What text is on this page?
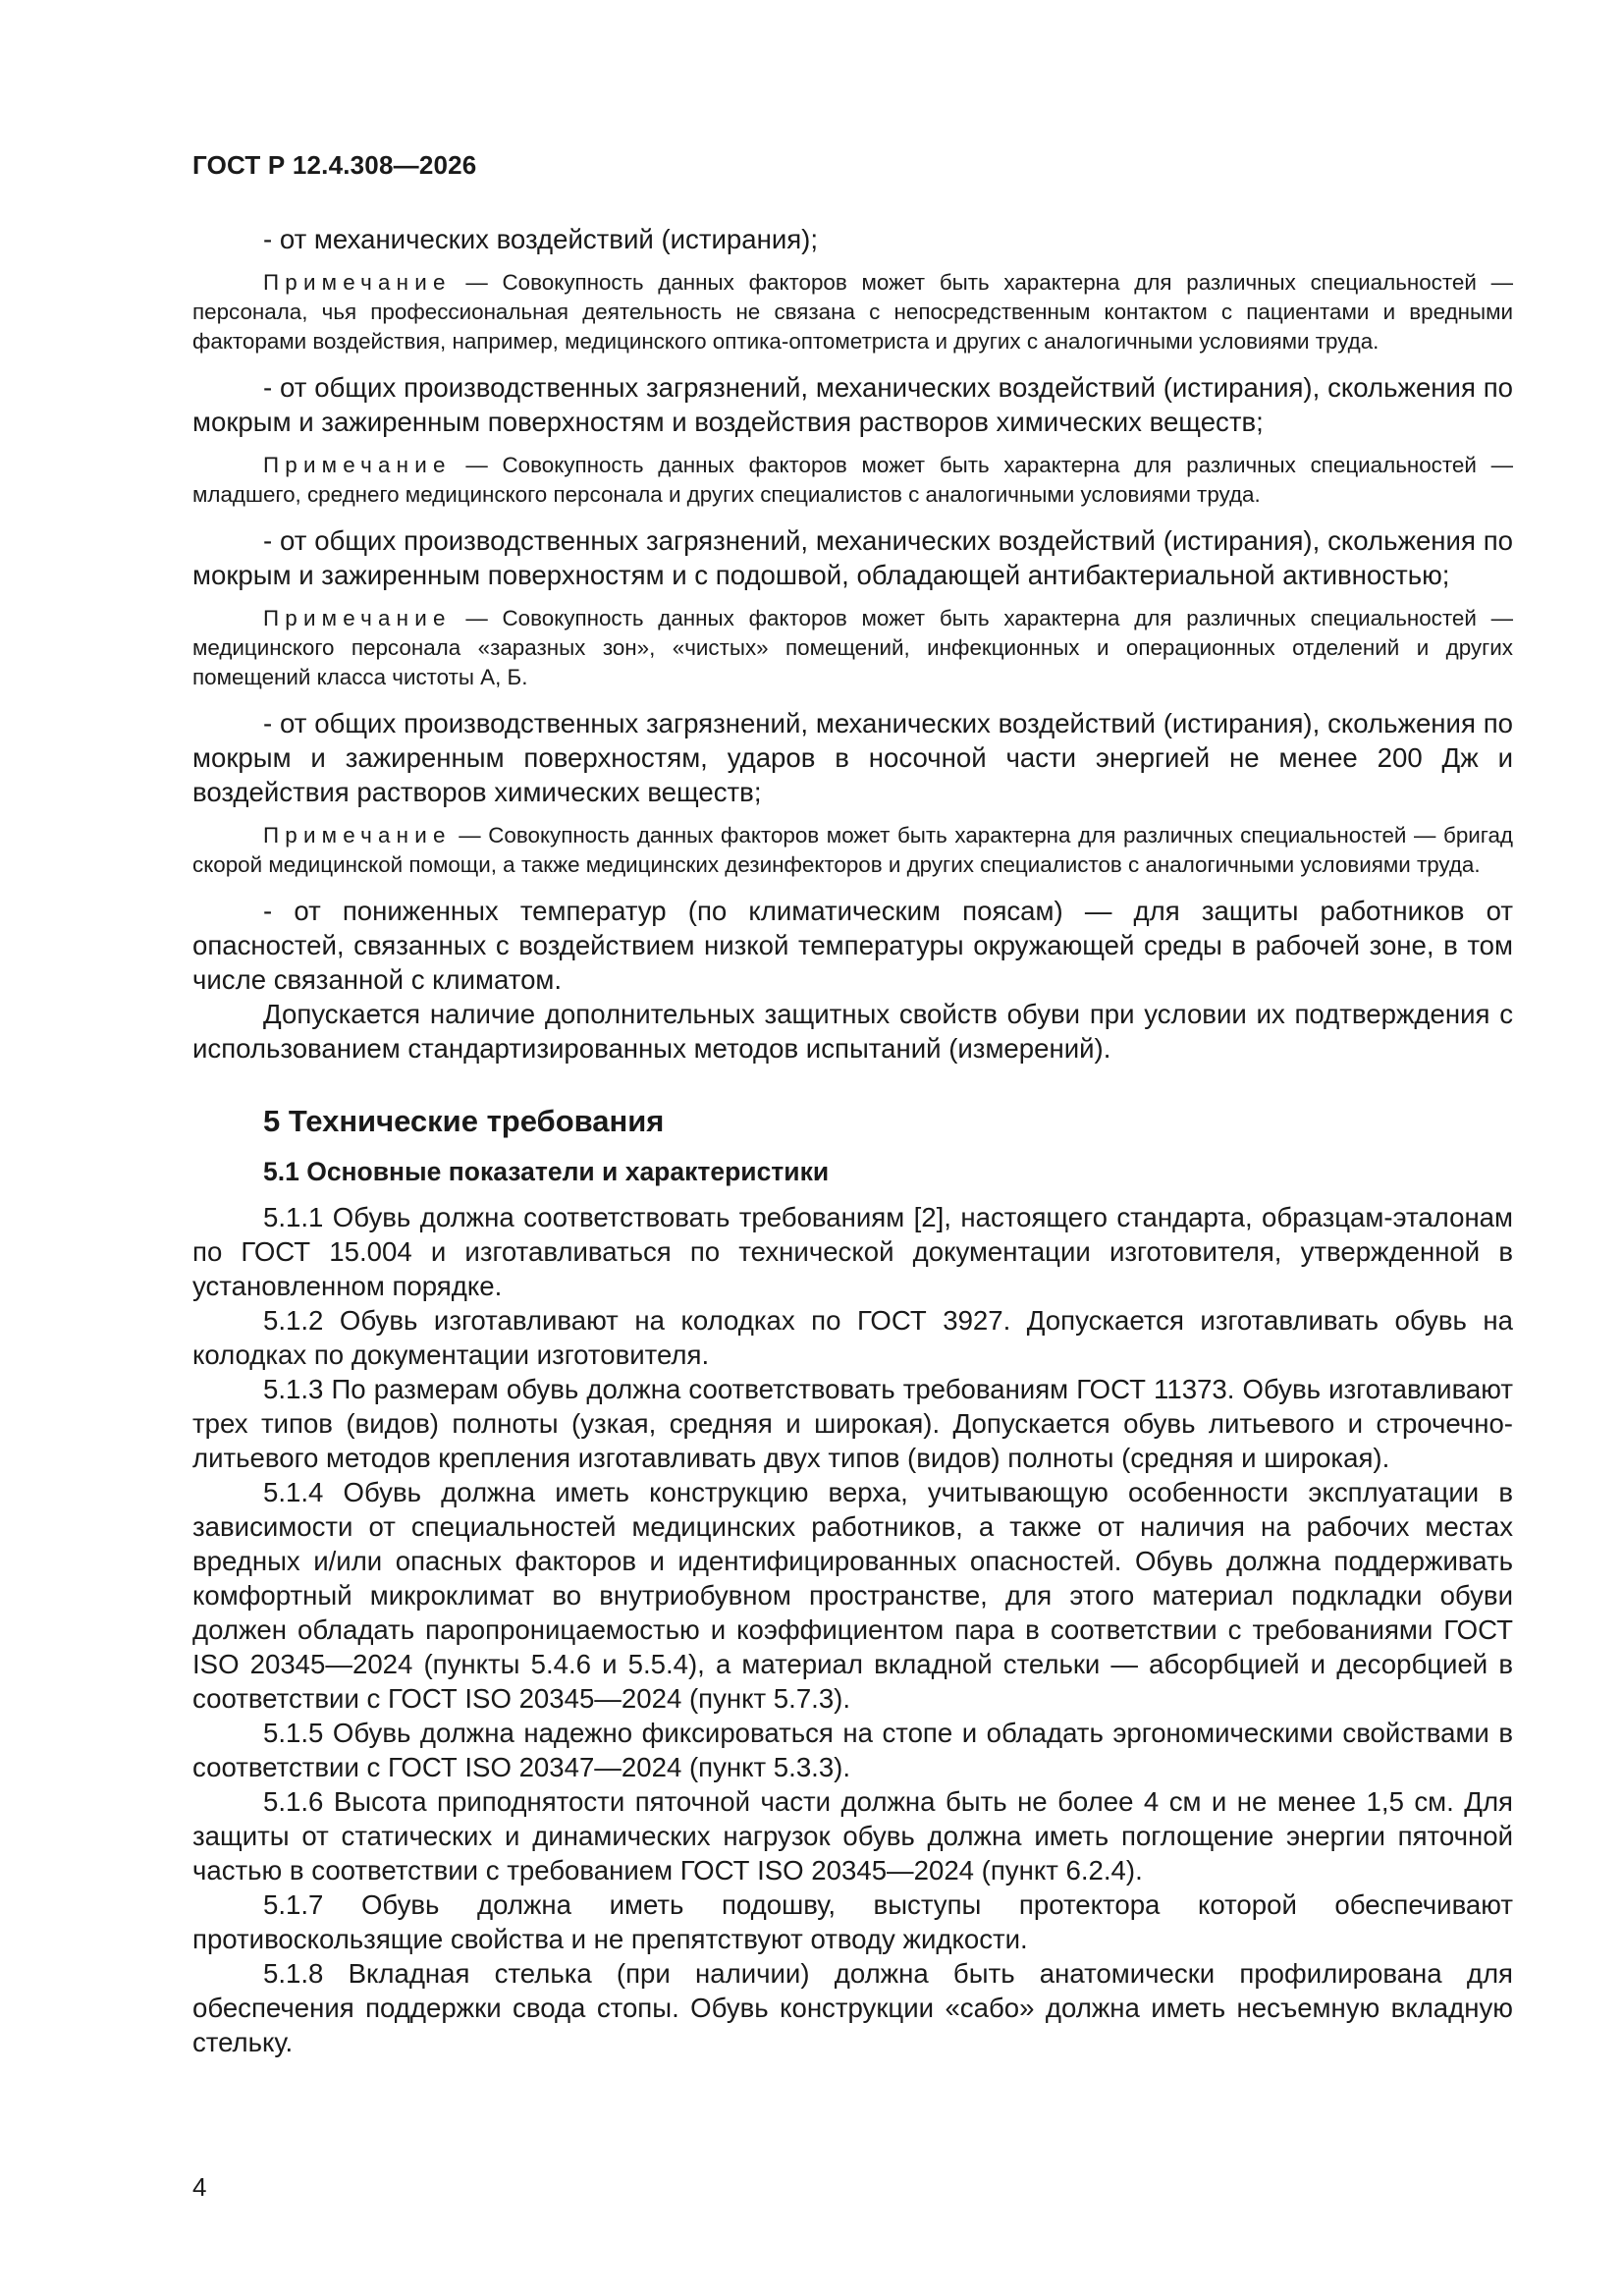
ГОСТ Р 12.4.308—2026

- от механических воздействий (истирания);

Примечание — Совокупность данных факторов может быть характерна для различных специальностей — персонала, чья профессиональная деятельность не связана с непосредственным контактом с пациентами и вредными факторами воздействия, например, медицинского оптика-оптометриста и других с аналогичными условиями труда.

- от общих производственных загрязнений, механических воздействий (истирания), скольжения по мокрым и зажиренным поверхностям и воздействия растворов химических веществ;

Примечание — Совокупность данных факторов может быть характерна для различных специальностей — младшего, среднего медицинского персонала и других специалистов с аналогичными условиями труда.

- от общих производственных загрязнений, механических воздействий (истирания), скольжения по мокрым и зажиренным поверхностям и с подошвой, обладающей антибактериальной активностью;

Примечание — Совокупность данных факторов может быть характерна для различных специальностей — медицинского персонала «заразных зон», «чистых» помещений, инфекционных и операционных отделений и других помещений класса чистоты А, Б.

- от общих производственных загрязнений, механических воздействий (истирания), скольжения по мокрым и зажиренным поверхностям, ударов в носочной части энергией не менее 200 Дж и воздействия растворов химических веществ;

Примечание — Совокупность данных факторов может быть характерна для различных специальностей — бригад скорой медицинской помощи, а также медицинских дезинфекторов и других специалистов с аналогичными условиями труда.

- от пониженных температур (по климатическим поясам) — для защиты работников от опасностей, связанных с воздействием низкой температуры окружающей среды в рабочей зоне, в том числе связанной с климатом.

Допускается наличие дополнительных защитных свойств обуви при условии их подтверждения с использованием стандартизированных методов испытаний (измерений).

5 Технические требования
5.1 Основные показатели и характеристики

5.1.1 Обувь должна соответствовать требованиям [2], настоящего стандарта, образцам-эталонам по ГОСТ 15.004 и изготавливаться по технической документации изготовителя, утвержденной в установленном порядке.

5.1.2 Обувь изготавливают на колодках по ГОСТ 3927. Допускается изготавливать обувь на колодках по документации изготовителя.

5.1.3 По размерам обувь должна соответствовать требованиям ГОСТ 11373. Обувь изготавливают трех типов (видов) полноты (узкая, средняя и широкая). Допускается обувь литьевого и строчечно-литьевого методов крепления изготавливать двух типов (видов) полноты (средняя и широкая).

5.1.4 Обувь должна иметь конструкцию верха, учитывающую особенности эксплуатации в зависимости от специальностей медицинских работников, а также от наличия на рабочих местах вредных и/или опасных факторов и идентифицированных опасностей. Обувь должна поддерживать комфортный микроклимат во внутриобувном пространстве, для этого материал подкладки обуви должен обладать паропроницаемостью и коэффициентом пара в соответствии с требованиями ГОСТ ISO 20345—2024 (пункты 5.4.6 и 5.5.4), а материал вкладной стельки — абсорбцией и десорбцией в соответствии с ГОСТ ISO 20345—2024 (пункт 5.7.3).

5.1.5 Обувь должна надежно фиксироваться на стопе и обладать эргономическими свойствами в соответствии с ГОСТ ISO 20347—2024 (пункт 5.3.3).

5.1.6 Высота приподнятости пяточной части должна быть не более 4 см и не менее 1,5 см. Для защиты от статических и динамических нагрузок обувь должна иметь поглощение энергии пяточной частью в соответствии с требованием ГОСТ ISO 20345—2024 (пункт 6.2.4).

5.1.7 Обувь должна иметь подошву, выступы протектора которой обеспечивают противоскользящие свойства и не препятствуют отводу жидкости.

5.1.8 Вкладная стелька (при наличии) должна быть анатомически профилирована для обеспечения поддержки свода стопы. Обувь конструкции «сабо» должна иметь несъемную вкладную стельку.

4
